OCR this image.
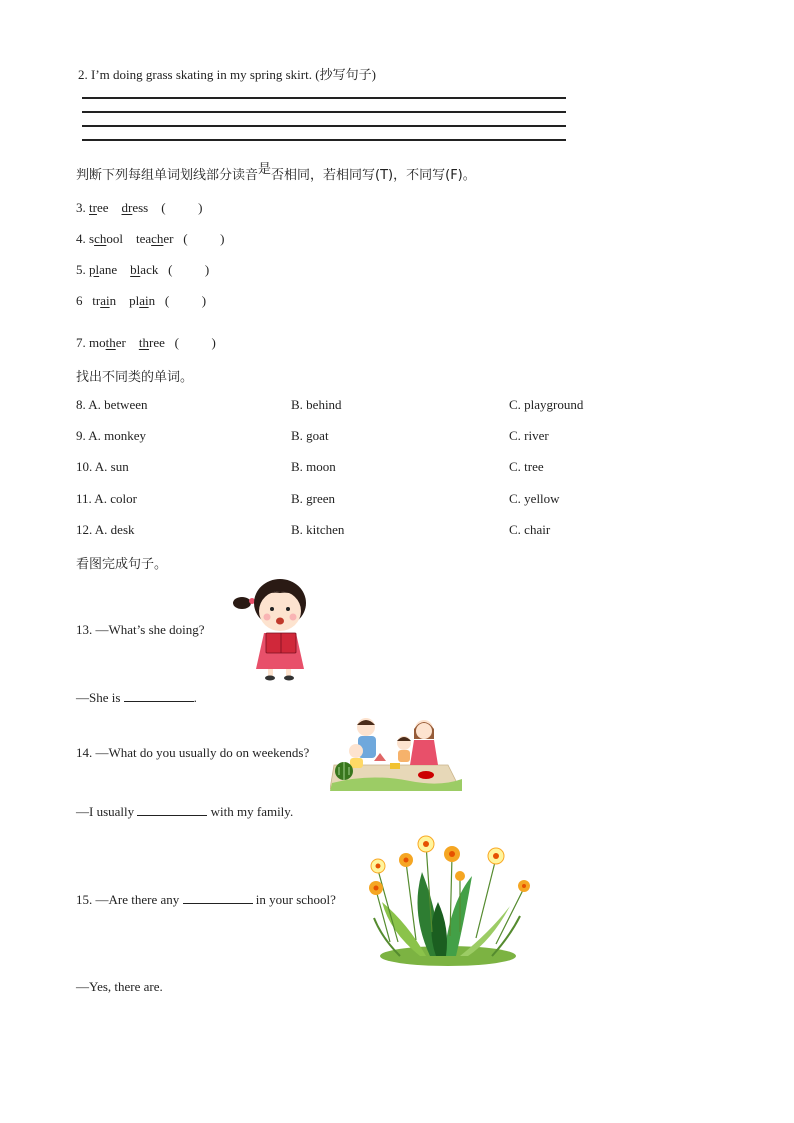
2. I’m doing grass skating in my spring skirt. (抄写句子)
判断下列每组单词划线部分读音是否相同，若相同写(T)，不同写(F)。
3. tree dress (          )
4. school teacher (          )
5. plane black (          )
6   train plain (          )
7. mother three (          )
找出不同类的单词。
8. A. between	B. behind	C. playground
9. A. monkey	B. goat	C. river
10. A. sun	B. moon	C. tree
11. A. color	B. green	C. yellow
12. A. desk	B. kitchen	C. chair
看图完成句子。
13. —What’s she doing?
—She is	.
14. —What do you usually do on weekends?
—I usually	with my family.
15. —Are there any	in your school?
—Yes, there are.
